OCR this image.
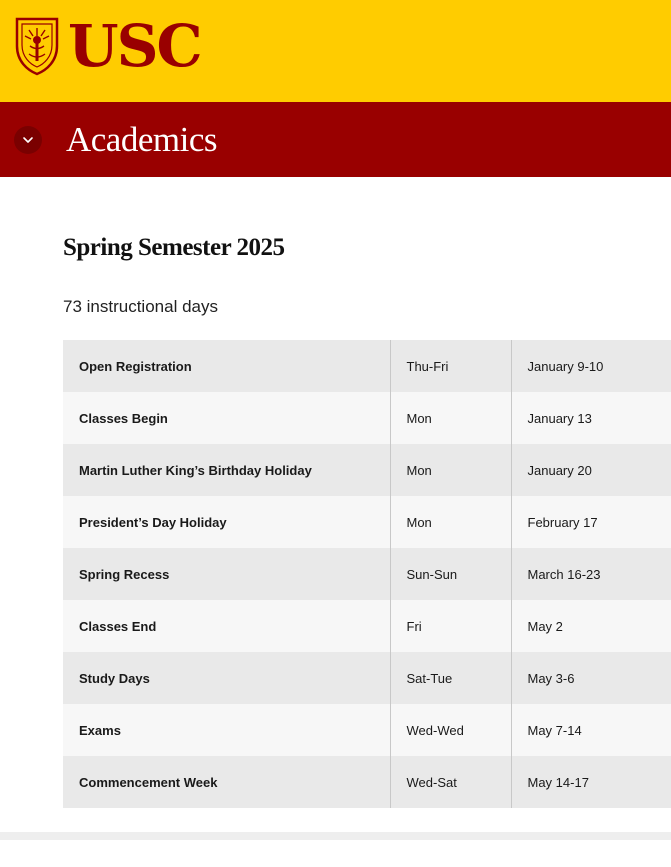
USC
Academics
Spring Semester 2025

73 instructional days

Open Registration	Thu-Fri	January 9-10
Classes Begin	Mon	January 13
Martin Luther King’s Birthday Holiday	Mon	January 20
President’s Day Holiday	Mon	February 17
Spring Recess	Sun-Sun	March 16-23
Classes End	Fri	May 2
Study Days	Sat-Tue	May 3-6
Exams	Wed-Wed	May 7-14
Commencement Week	Wed-Sat	May 14-17
